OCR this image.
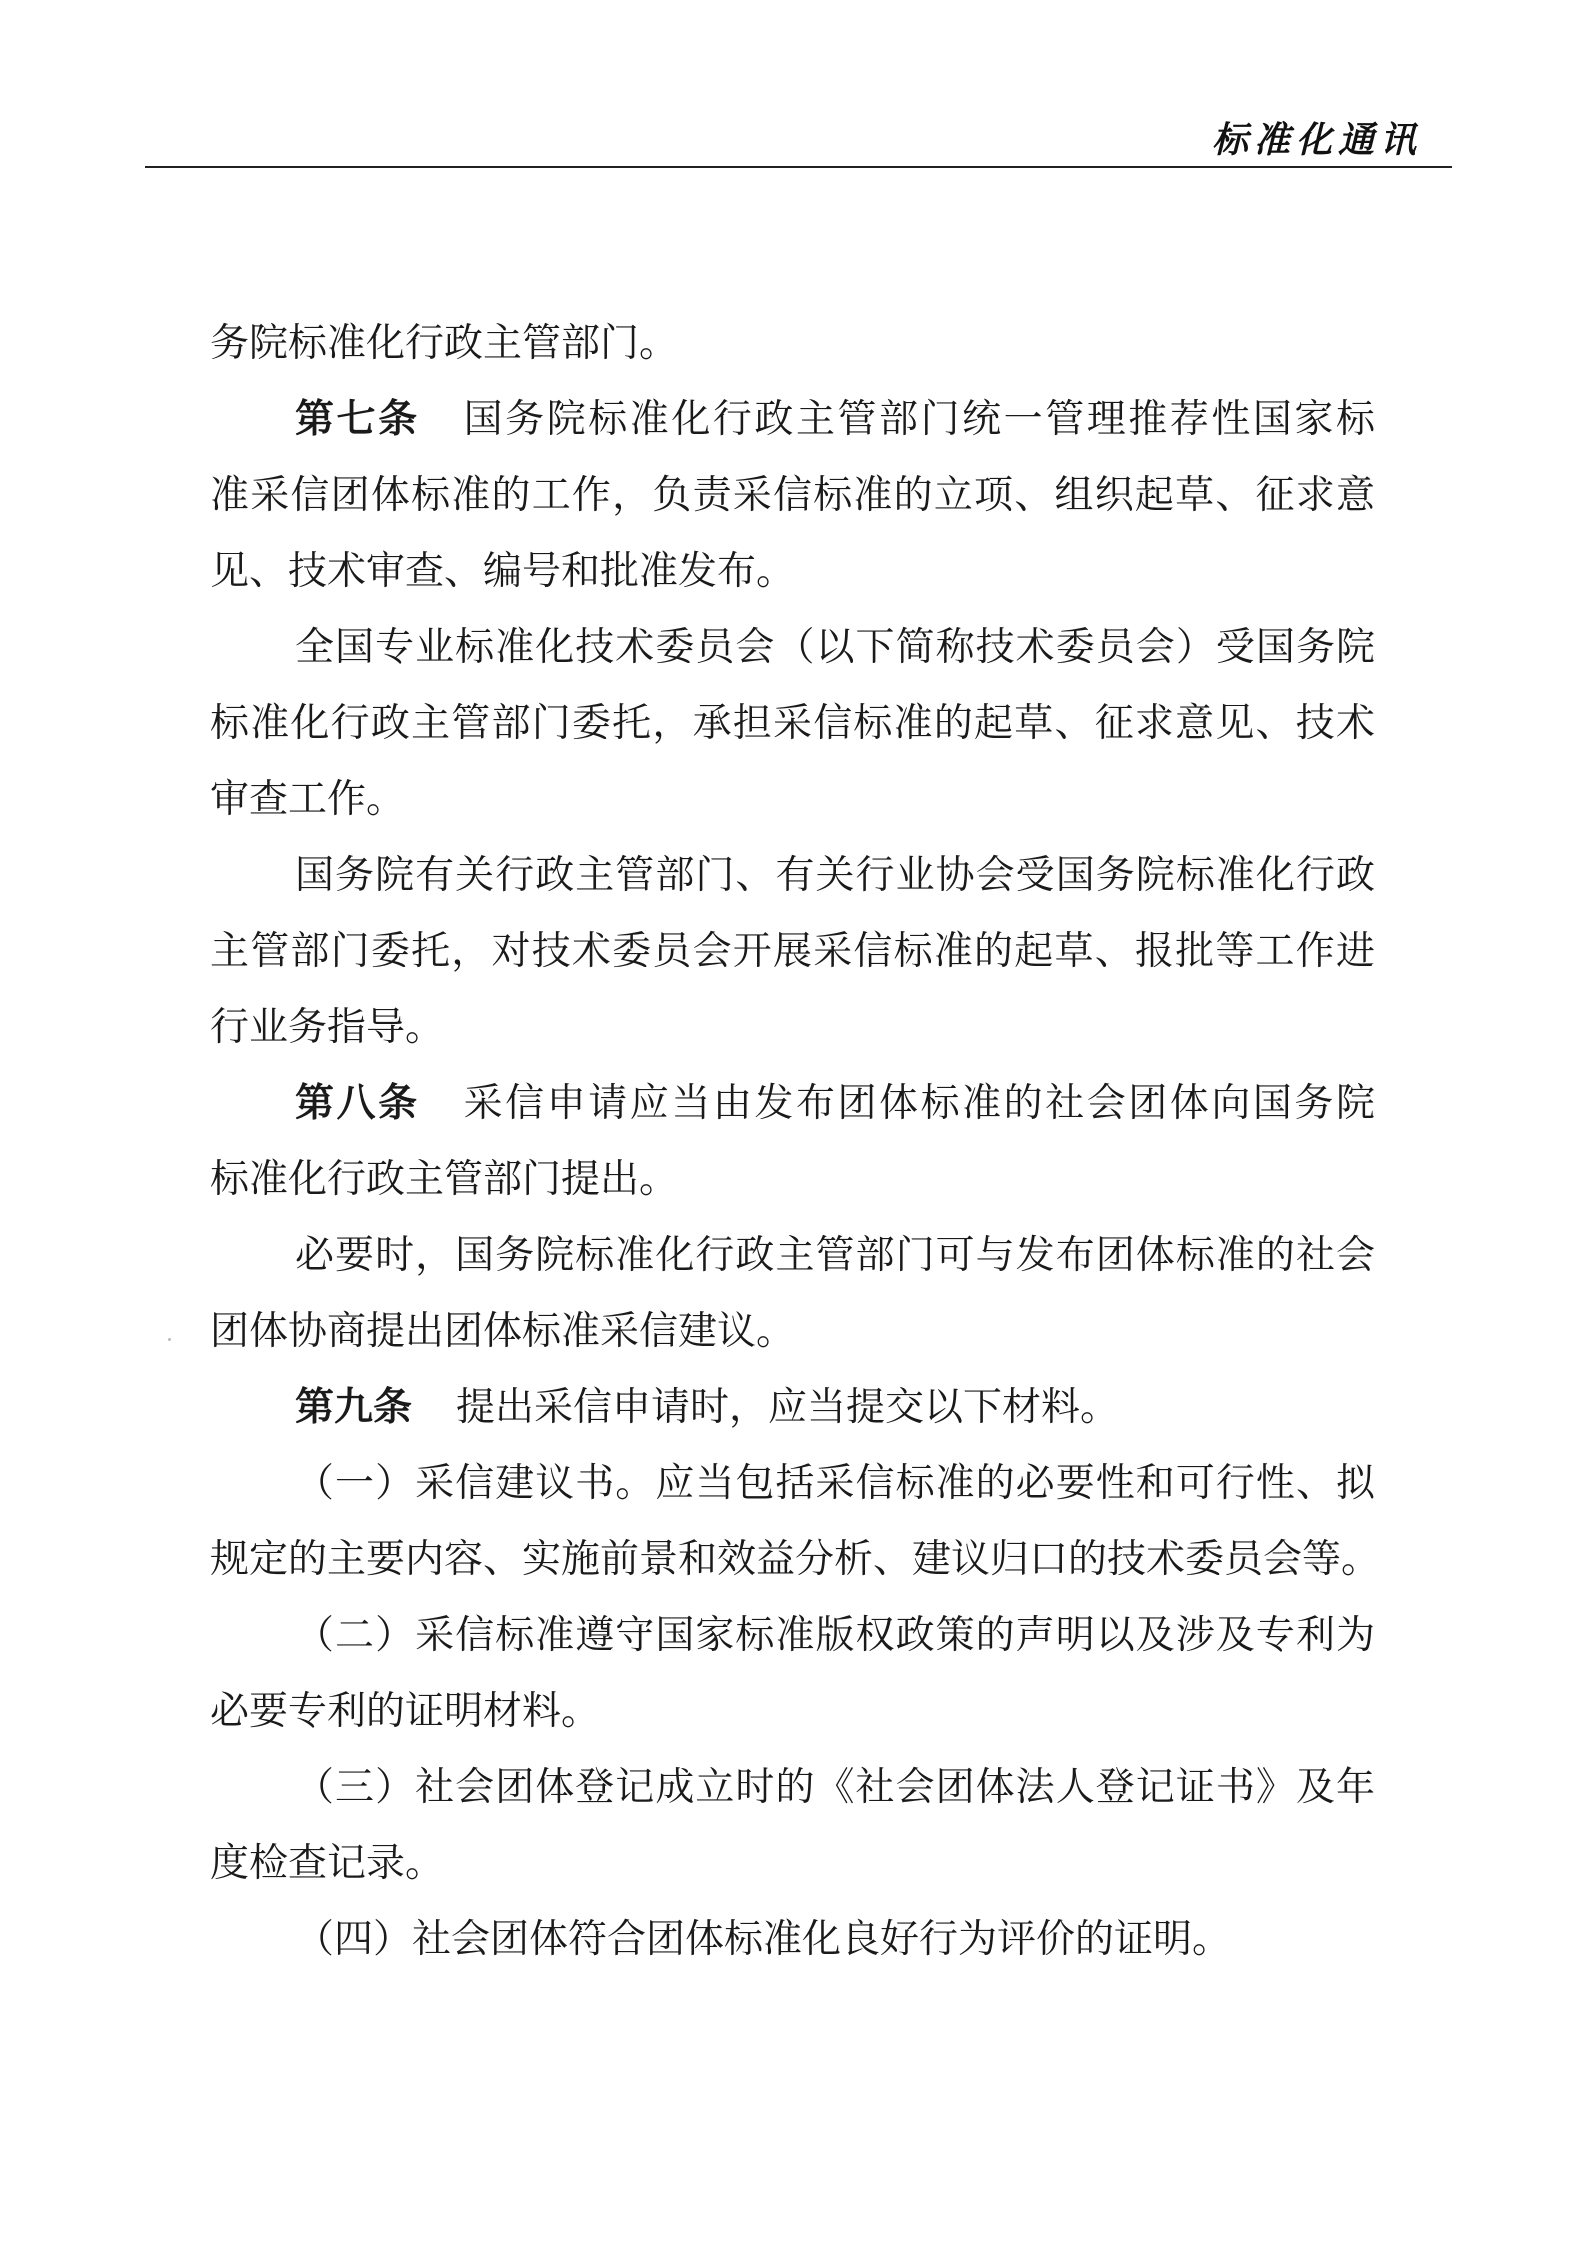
标准化通讯
务院标准化行政主管部门。
第七条 国务院标准化行政主管部门统一管理推荐性国家标
准采信团体标准的工作，负责采信标准的立项、组织起草、征求意
见、技术审查、编号和批准发布。
全国专业标准化技术委员会（以下简称技术委员会）受国务院
标准化行政主管部门委托，承担采信标准的起草、征求意见、技术
审查工作。
国务院有关行政主管部门、有关行业协会受国务院标准化行政
主管部门委托，对技术委员会开展采信标准的起草、报批等工作进
行业务指导。
第八条 采信申请应当由发布团体标准的社会团体向国务院
标准化行政主管部门提出。
必要时，国务院标准化行政主管部门可与发布团体标准的社会
团体协商提出团体标准采信建议。
第九条 提出采信申请时，应当提交以下材料。
（一）采信建议书。应当包括采信标准的必要性和可行性、拟
规定的主要内容、实施前景和效益分析、建议归口的技术委员会等。
（二）采信标准遵守国家标准版权政策的声明以及涉及专利为
必要专利的证明材料。
（三）社会团体登记成立时的《社会团体法人登记证书》及年
度检查记录。
（四）社会团体符合团体标准化良好行为评价的证明。
